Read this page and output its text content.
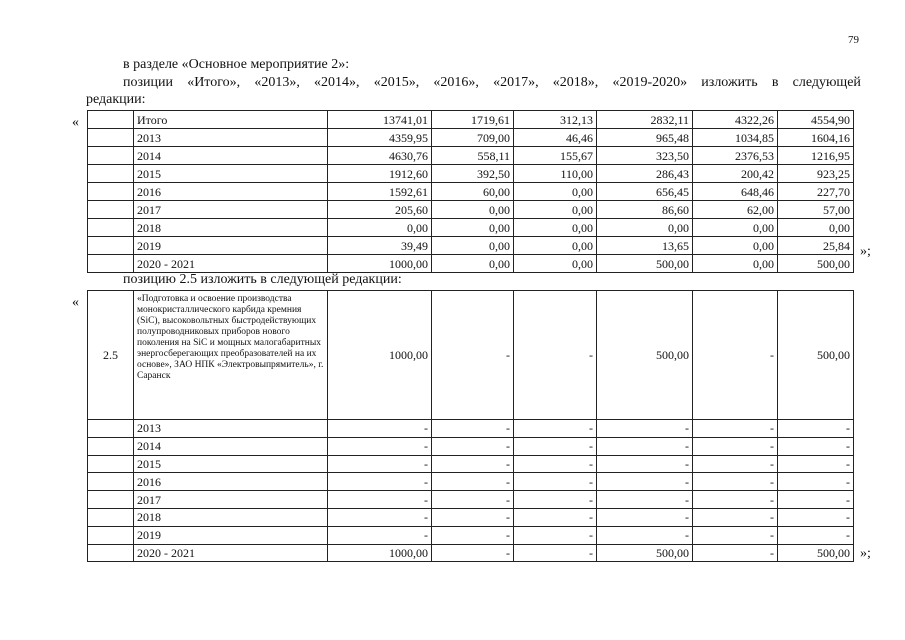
79
в разделе «Основное мероприятие 2»:
позиции «Итого», «2013», «2014», «2015», «2016», «2017», «2018», «2019-2020» изложить в следующей
редакции:
«
		Итого	13741,01	1719,61	312,13	2832,11	4322,26	4554,90
	2013	4359,95	709,00	46,46	965,48	1034,85	1604,16
	2014	4630,76	558,11	155,67	323,50	2376,53	1216,95
	2015	1912,60	392,50	110,00	286,43	200,42	923,25
	2016	1592,61	60,00	0,00	656,45	648,46	227,70
	2017	205,60	0,00	0,00	86,60	62,00	57,00
	2018	0,00	0,00	0,00	0,00	0,00	0,00
	2019	39,49	0,00	0,00	13,65	0,00	25,84
	2020 - 2021	1000,00	0,00	0,00	500,00	0,00	500,00
»;
позицию 2.5 изложить в следующей редакции:
«
2.5	«Подготовка и освоение производства монокристаллического карбида кремния (SiC), высоковольтных быстродействующих полупроводниковых приборов нового поколения на SiC и мощных малогабаритных энергосберегающих преобразователей на их основе», ЗАО НПК «Электровыпрямитель», г. Саранск	1000,00	-	-	500,00	-	500,00
	2013	-	-	-	-	-	-
	2014	-	-	-	-	-	-
	2015	-	-	-	-	-	-
	2016	-	-	-	-	-	-
	2017	-	-	-	-	-	-
	2018	-	-	-	-	-	-
	2019	-	-	-	-	-	-
	2020 - 2021	1000,00	-	-	500,00	-	500,00 »;
